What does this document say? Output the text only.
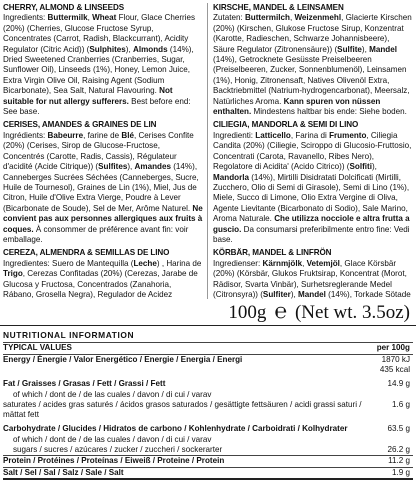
CHERRY, ALMOND & LINSEEDS
Ingredients: Buttermilk, Wheat Flour, Glace Cherries (20%) (Cherries, Glucose Fructose Syrup, Concentrates (Carrot, Radish, Blackcurrant), Acidity Regulator (Citric Acid)) (Sulphites), Almonds (14%), Dried Sweetened Cranberries (Cranberries, Sugar, Sunflower Oil), Linseeds (1%), Honey, Lemon Juice, Extra Virgin Olive Oil, Raising Agent (Sodium Bicarbonate), Sea Salt, Natural Flavouring. Not suitable for nut allergy sufferers. Best before end: See base.
CERISES, AMANDES & GRAINES DE LIN
Ingrédients: Babeurre, farine de Blé, Cerises Confite (20%) (Cerises, Sirop de Glucose-Fructose, Concentrés (Carotte, Radis, Cassis), Régulateur d'acidité (Acide Citrique)) (Sulfites), Amandes (14%), Canneberges Sucrées Séchées (Canneberges, Sucre, Huile de Tournesol), Graines de Lin (1%), Miel, Jus de Citron, Huile d'Olive Extra Vierge, Poudre à Lever (Bicarbonate de Soude), Sel de Mer, Arôme Naturel. Ne convient pas aux personnes allergiques aux fruits à coques. À consommer de préférence avant fin: voir emballage.
CEREZA, ALMENDRA & SEMILLAS DE LINO
Ingredientes: Suero de Mantequilla (Leche) , Harina de Trigo, Cerezas Confitadas (20%) (Cerezas, Jarabe de Glucosa y Fructosa, Concentrados (Zanahoria, Rábano, Grosella Negra), Regulador de Acidez
KIRSCHE, MANDEL & LEINSAMEN
Zutaten: Buttermilch, Weizenmehl, Glacierte Kirschen (20%) (Kirschen, Glukose Fructose Sirup, Konzentrat (Karotte, Radieschen, Schwarze Johannisbeere), Säure Regulator (Zitronensäure)) (Sulfite), Mandel (14%), Getrocknete Gesüsste Preiselbeeren (Preiselbeeren, Zucker, Sonnenblumenöl), Leinsamen (1%), Honig, Zitronensaft, Natives Olivenöl Extra, Backtriebmittel (Natrium-hydrogencarbonat), Meersalz, Natürliches Aroma. Kann spuren von nüssen enthalten. Mindestens haltbar bis ende: Siehe boden.
CILIEGIA, MANDORLA & SEMI DI LINO
Ingredienti: Latticello, Farina di Frumento, Ciliegia Candita (20%) (Ciliegie, Sciroppo di Glucosio-Fruttosio, Concentrati (Carota, Ravanello, Ribes Nero), Regolatore di Acidita' (Acido Citrico)) (Solfiti), Mandorla (14%), Mirtilli Disidratati Dolcificati (Mirtilli, Zucchero, Olio di Semi di Girasole), Semi di Lino (1%), Miele, Succo di Limone, Olio Extra Vergine di Oliva, Agente Lievitante (Bicarbonato di Sodio), Sale Marino, Aroma Naturale. Che utilizza nocciole e altra frutta a guscio. Da consumarsi preferibilmente entro fine: Vedi base.
KÖRBÄR, MANDEL & LINFRÖN
Ingredienser: Kärnmjölk, Vetemjöl, Glace Körsbär (20%) (Körsbär, Glukos Fruktsirap, Koncentrat (Morot, Rädisor, Svarta Vinbär), Surhetsreglerande Medel (Citronsyra)) (Sulfiter), Mandel (14%), Torkade Sötade
100g ℮ (Net wt. 3.5oz)
NUTRITIONAL INFORMATION
TYPICAL VALUES	per 100g
Energy / Énergie / Valor Energético / Energie / Energia / Energi	1870 kJ
	435 kcal
Fat / Graisses / Grasas / Fett / Grassi / Fett	14.9 g
of which / dont de / de las cuales / davon / di cui / varav	
saturates / acides gras saturés / ácidos grasos saturados / gesättigte fettsäuren / acidi grassi saturi / mättat fett	1.6 g
Carbohydrate / Glucides / Hidratos de carbono / Kohlenhydrate / Carboidrati / Kolhydrater	63.5 g
of which / dont de / de las cuales / davon / di cui / varav	
sugars / sucres / azúcares / zucker / zuccheri / sockerarter	26.2 g
Protein / Protéines / Proteínas / Eiweiß / Proteine / Protein	11.2 g
Salt / Sel / Sal / Salz / Sale / Salt	1.9 g
